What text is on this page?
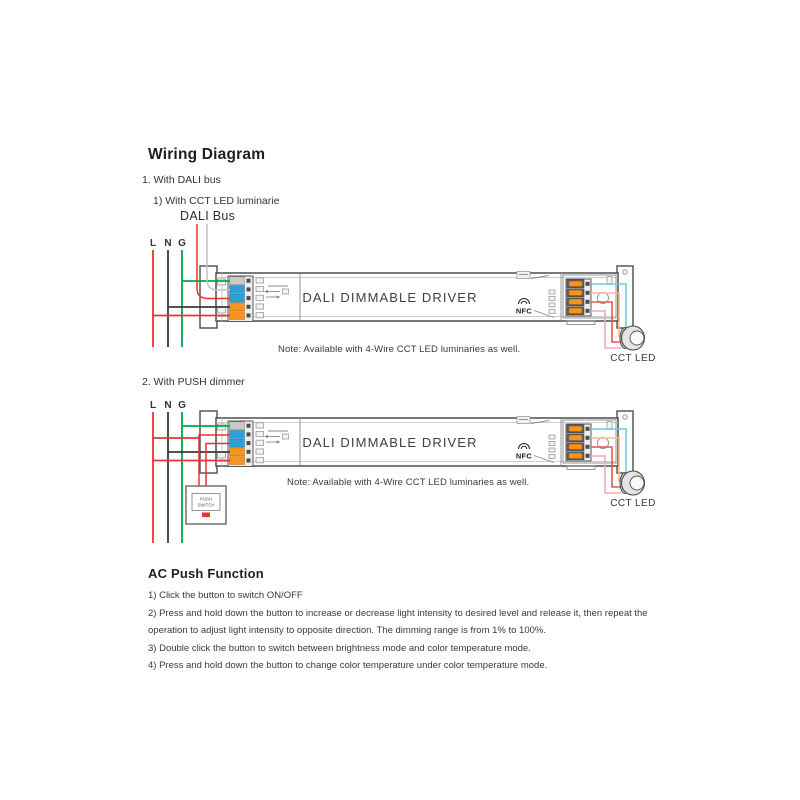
Wiring Diagram
1. With DALI bus
1) With CCT LED luminarie
DALI Bus
Note: Available with 4-Wire CCT LED luminaries as well.
2. With PUSH dimmer
Note: Available with 4-Wire CCT LED luminaries as well.
AC Push Function
1) Click the button to switch ON/OFF
2) Press and hold down the button to increase or decrease light intensity to desired level and release it, then repeat the
operation to adjust light intensity to opposite direction. The dimming range is from 1% to 100%.
3) Double click the button to switch between brightness mode and color temperature mode.
4) Press and hold down the button to change color temperature under color temperature mode.
L N G
L N G
PUSH
SWITCH
